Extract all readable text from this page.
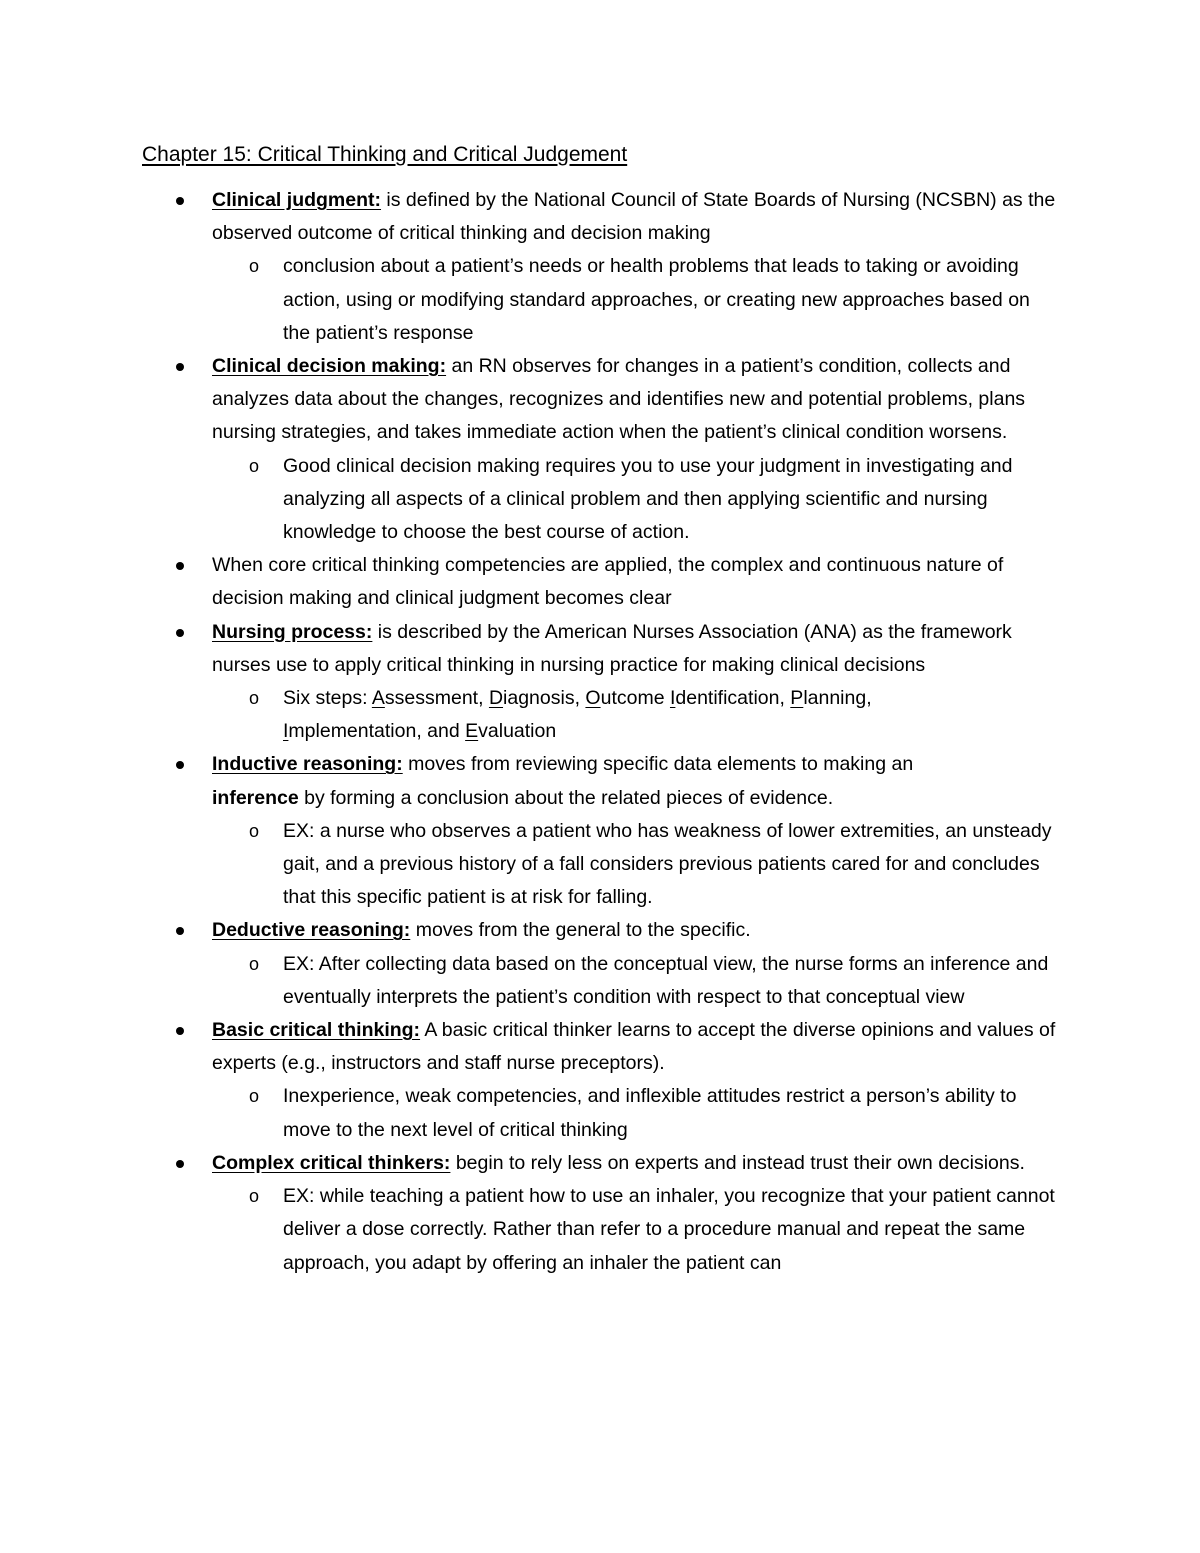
Chapter 15: Critical Thinking and Critical Judgement
Clinical judgment: is defined by the National Council of State Boards of Nursing (NCSBN) as the observed outcome of critical thinking and decision making
o conclusion about a patient’s needs or health problems that leads to taking or avoiding action, using or modifying standard approaches, or creating new approaches based on the patient’s response
Clinical decision making: an RN observes for changes in a patient’s condition, collects and analyzes data about the changes, recognizes and identifies new and potential problems, plans nursing strategies, and takes immediate action when the patient’s clinical condition worsens.
o Good clinical decision making requires you to use your judgment in investigating and analyzing all aspects of a clinical problem and then applying scientific and nursing knowledge to choose the best course of action.
When core critical thinking competencies are applied, the complex and continuous nature of decision making and clinical judgment becomes clear
Nursing process: is described by the American Nurses Association (ANA) as the framework nurses use to apply critical thinking in nursing practice for making clinical decisions
o Six steps: Assessment, Diagnosis, Outcome Identification, Planning,
Implementation, and Evaluation
Inductive reasoning: moves from reviewing specific data elements to making an
inference by forming a conclusion about the related pieces of evidence.
o EX: a nurse who observes a patient who has weakness of lower extremities, an unsteady gait, and a previous history of a fall considers previous patients cared for and concludes that this specific patient is at risk for falling.
Deductive reasoning: moves from the general to the specific.
o EX: After collecting data based on the conceptual view, the nurse forms an inference and eventually interprets the patient’s condition with respect to that conceptual view
Basic critical thinking: A basic critical thinker learns to accept the diverse opinions and values of experts (e.g., instructors and staff nurse preceptors).
o Inexperience, weak competencies, and inflexible attitudes restrict a person’s ability to move to the next level of critical thinking
Complex critical thinkers: begin to rely less on experts and instead trust their own decisions.
o EX: while teaching a patient how to use an inhaler, you recognize that your patient cannot deliver a dose correctly. Rather than refer to a procedure manual and repeat the same approach, you adapt by offering an inhaler the patient can
